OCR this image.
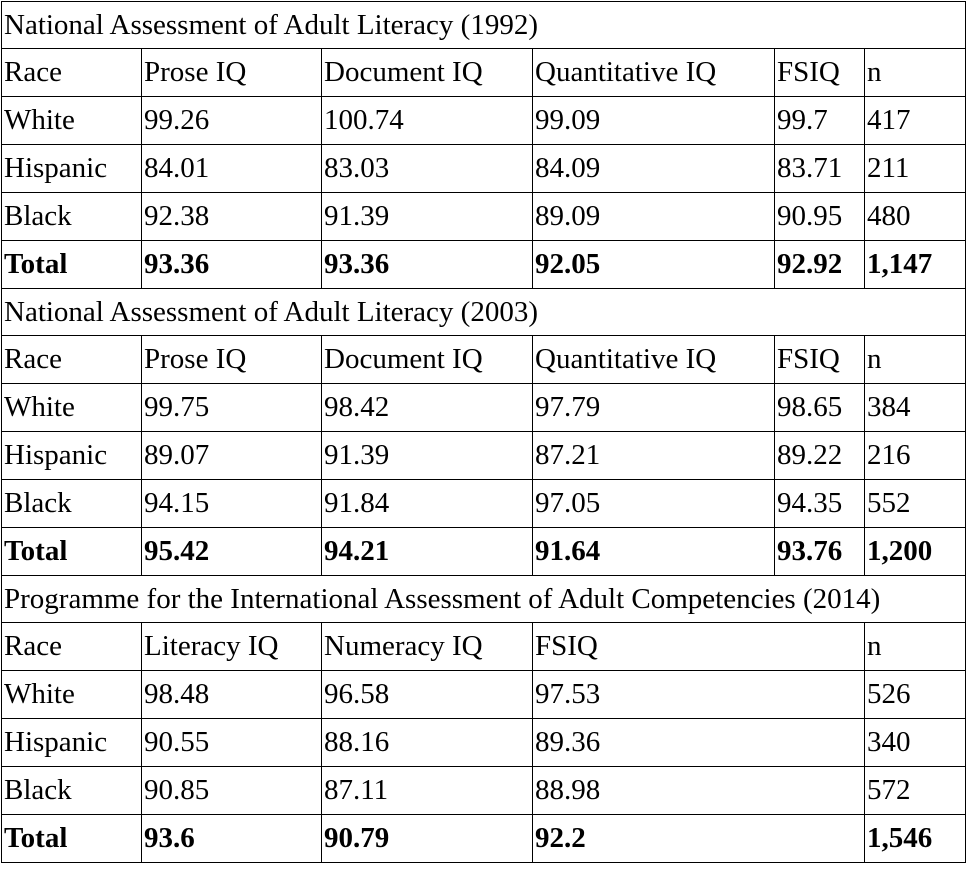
National Assessment of Adult Literacy (1992)					
Race	Prose IQ	Document IQ	Quantitative IQ	FSIQ	n
White	99.26	100.74	99.09	99.7	417
Hispanic	84.01	83.03	84.09	83.71	211
Black	92.38	91.39	89.09	90.95	480
Total	93.36	93.36	92.05	92.92	1,147
National Assessment of Adult Literacy (2003)					
Race	Prose IQ	Document IQ	Quantitative IQ	FSIQ	n
White	99.75	98.42	97.79	98.65	384
Hispanic	89.07	91.39	87.21	89.22	216
Black	94.15	91.84	97.05	94.35	552
Total	95.42	94.21	91.64	93.76	1,200
Programme for the International Assessment of Adult Competencies (2014)					
Race	Literacy IQ	Numeracy IQ	FSIQ		n
White	98.48	96.58	97.53		526
Hispanic	90.55	88.16	89.36		340
Black	90.85	87.11	88.98		572
Total	93.6	90.79	92.2		1,546
